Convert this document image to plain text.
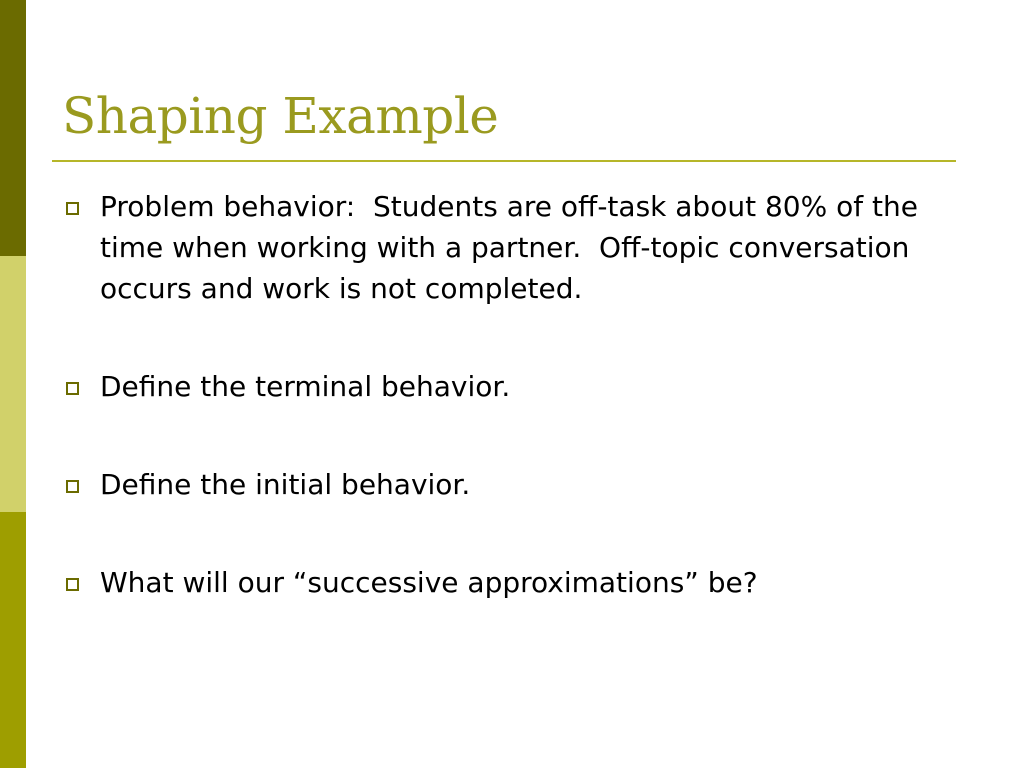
Shaping Example
Problem behavior:  Students are off-task about 80% of the time when working with a partner.  Off-topic conversation occurs and work is not completed.
Define the terminal behavior.
Define the initial behavior.
What will our “successive approximations” be?
